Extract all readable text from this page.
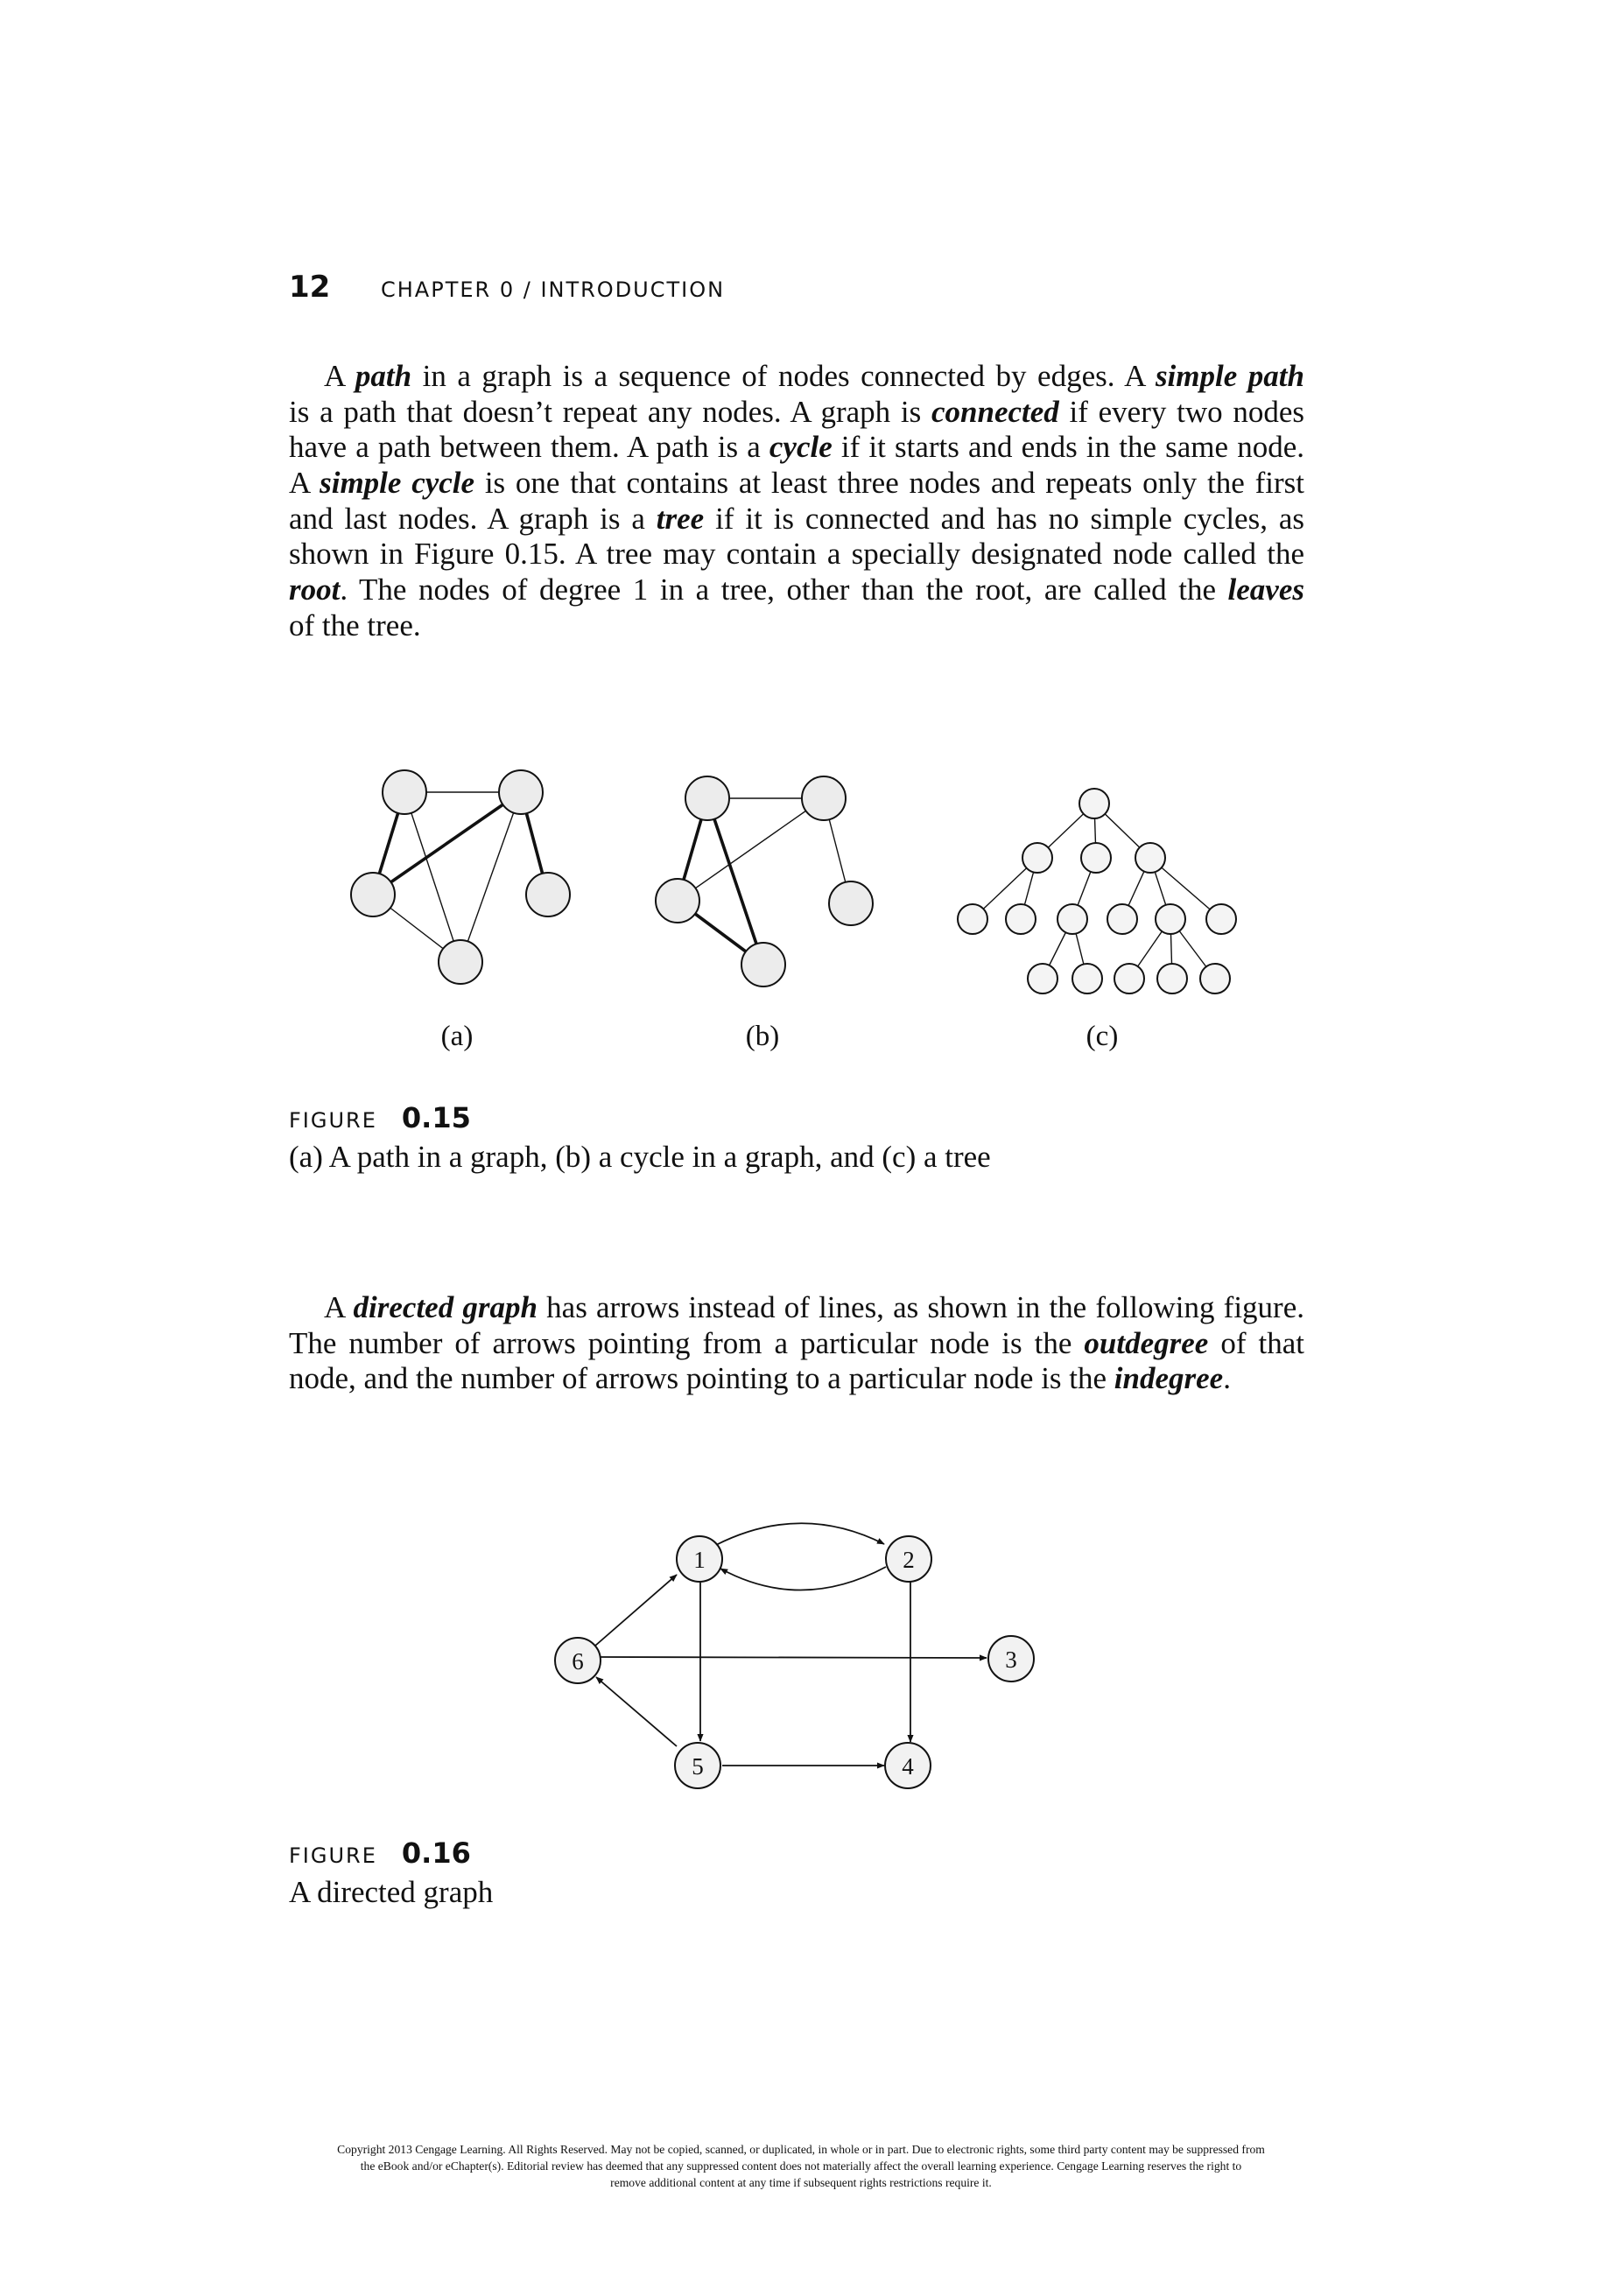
12 CHAPTER 0 / INTRODUCTION
A path in a graph is a sequence of nodes connected by edges. A simple path
is a path that doesn’t repeat any nodes. A graph is connected if every two nodes
have a path between them. A path is a cycle if it starts and ends in the same node.
A simple cycle is one that contains at least three nodes and repeats only the first
and last nodes. A graph is a tree if it is connected and has no simple cycles, as
shown in Figure 0.15. A tree may contain a specially designated node called the
root. The nodes of degree 1 in a tree, other than the root, are called the leaves
of the tree.
(a)	(b)	(c)
FIGURE 0.15
(a) A path in a graph, (b) a cycle in a graph, and (c) a tree
A directed graph has arrows instead of lines, as shown in the following figure.
The number of arrows pointing from a particular node is the outdegree of that
node, and the number of arrows pointing to a particular node is the indegree.
1	2
3
4
5
6
FIGURE 0.16
A directed graph
Copyright 2013 Cengage Learning. All Rights Reserved. May not be copied, scanned, or duplicated, in whole or in part. Due to electronic rights, some third party content may be suppressed from
the eBook and/or eChapter(s). Editorial review has deemed that any suppressed content does not materially affect the overall learning experience. Cengage Learning reserves the right to
remove additional content at any time if subsequent rights restrictions require it.
